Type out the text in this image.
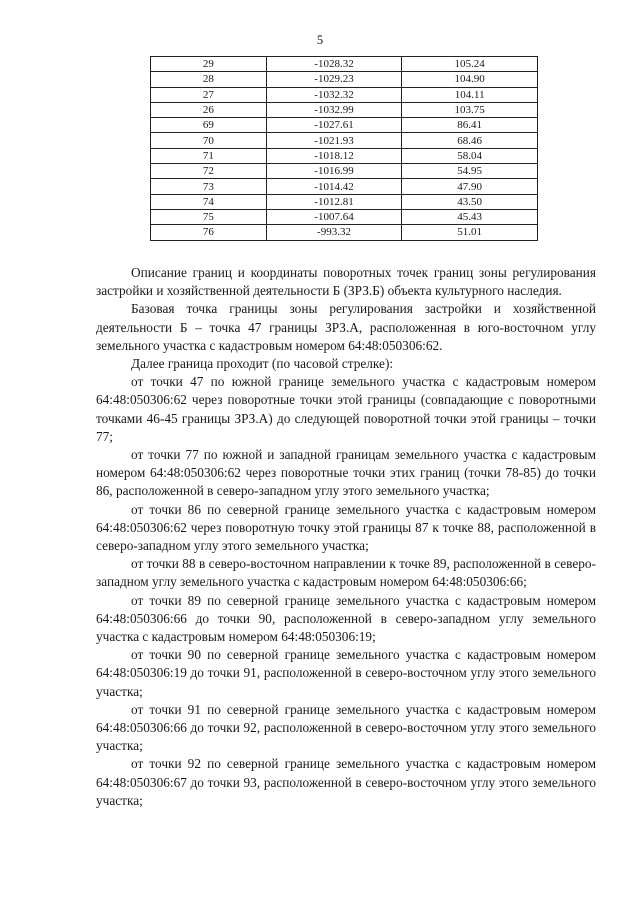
5
29	-1028.32	105.24
28	-1029.23	104.90
27	-1032.32	104.11
26	-1032.99	103.75
69	-1027.61	86.41
70	-1021.93	68.46
71	-1018.12	58.04
72	-1016.99	54.95
73	-1014.42	47.90
74	-1012.81	43.50
75	-1007.64	45.43
76	-993.32	51.01

Описание границ и координаты поворотных точек границ зоны регулирования застройки и хозяйственной деятельности Б (ЗРЗ.Б) объекта культурного наследия.

Базовая точка границы зоны регулирования застройки и хозяйственной деятельности Б – точка 47 границы ЗРЗ.А, расположенная в юго-восточном углу земельного участка с кадастровым номером 64:48:050306:62.

Далее граница проходит (по часовой стрелке):

от точки 47 по южной границе земельного участка с кадастровым номером 64:48:050306:62 через поворотные точки этой границы (совпадающие с поворотными точками 46-45 границы ЗРЗ.А) до следующей поворотной точки этой границы – точки 77;

от точки 77 по южной и западной границам земельного участка с кадастровым номером 64:48:050306:62 через поворотные точки этих границ (точки 78-85) до точки 86, расположенной в северо-западном углу этого земельного участка;

от точки 86 по северной границе земельного участка с кадастровым номером 64:48:050306:62 через поворотную точку этой границы 87 к точке 88, расположенной в северо-западном углу этого земельного участка;

от точки 88 в северо-восточном направлении к точке 89, расположенной в северо-западном углу земельного участка с кадастровым номером 64:48:050306:66;

от точки 89 по северной границе земельного участка с кадастровым номером 64:48:050306:66 до точки 90, расположенной в северо-западном углу земельного участка с кадастровым номером 64:48:050306:19;

от точки 90 по северной границе земельного участка с кадастровым номером 64:48:050306:19 до точки 91, расположенной в северо-восточном углу этого земельного участка;

от точки 91 по северной границе земельного участка с кадастровым номером 64:48:050306:66 до точки 92, расположенной в северо-восточном углу этого земельного участка;

от точки 92 по северной границе земельного участка с кадастровым номером 64:48:050306:67 до точки 93, расположенной в северо-восточном углу этого земельного участка;
